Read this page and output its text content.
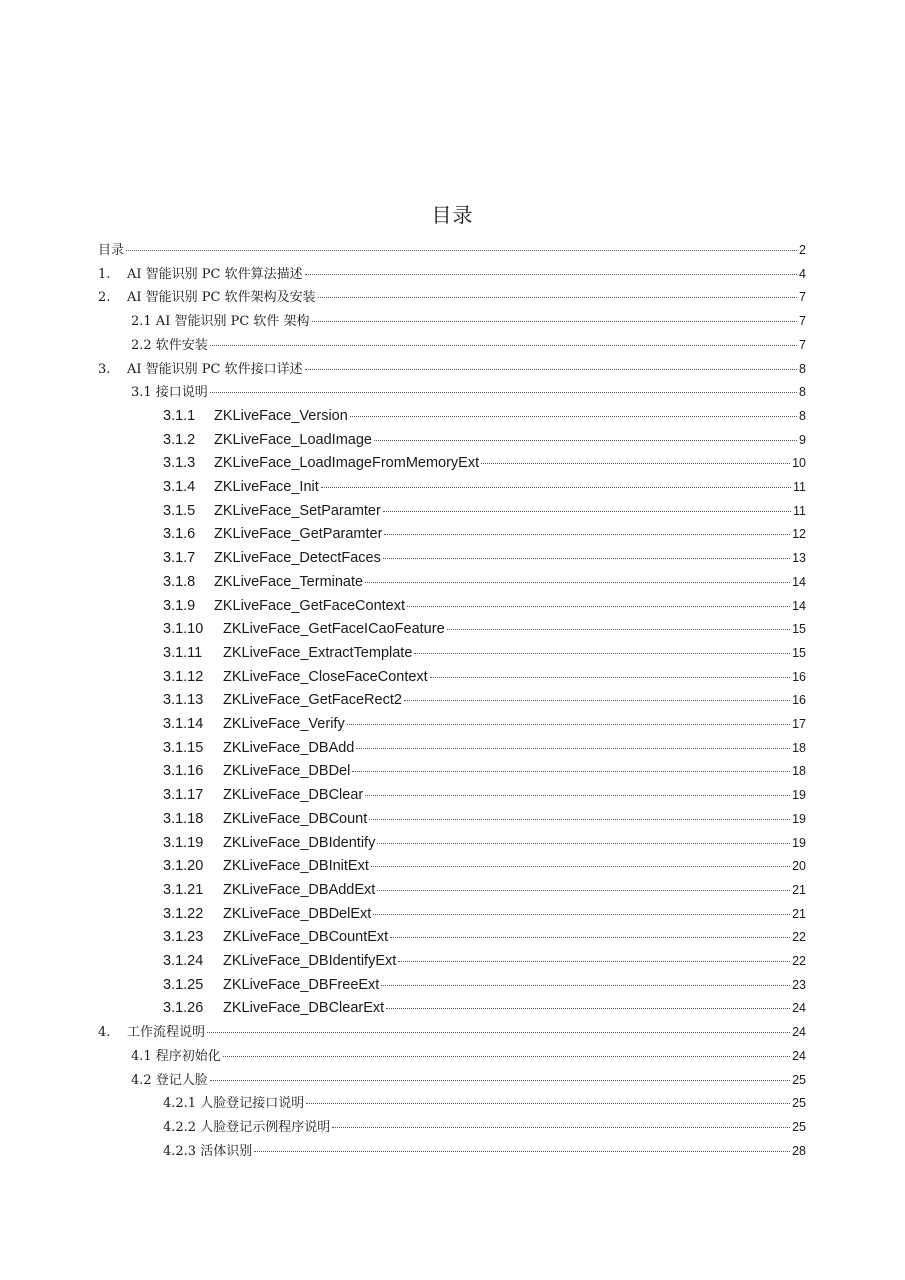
目录
目录	2
1.	AI 智能识别 PC 软件算法描述	4
2.	AI 智能识别 PC 软件架构及安装	7
2.1 AI 智能识别 PC 软件 架构	7
2.2 软件安装	7
3.	AI 智能识别 PC 软件接口详述	8
3.1 接口说明	8
3.1.1	ZKLiveFace_Version	8
3.1.2	ZKLiveFace_LoadImage	9
3.1.3	ZKLiveFace_LoadImageFromMemoryExt	10
3.1.4	ZKLiveFace_Init	11
3.1.5	ZKLiveFace_SetParamter	11
3.1.6	ZKLiveFace_GetParamter	12
3.1.7	ZKLiveFace_DetectFaces	13
3.1.8	ZKLiveFace_Terminate	14
3.1.9	ZKLiveFace_GetFaceContext	14
3.1.10	ZKLiveFace_GetFaceICaoFeature	15
3.1.11	ZKLiveFace_ExtractTemplate	15
3.1.12	ZKLiveFace_CloseFaceContext	16
3.1.13	ZKLiveFace_GetFaceRect2	16
3.1.14	ZKLiveFace_Verify	17
3.1.15	ZKLiveFace_DBAdd	18
3.1.16	ZKLiveFace_DBDel	18
3.1.17	ZKLiveFace_DBClear	19
3.1.18	ZKLiveFace_DBCount	19
3.1.19	ZKLiveFace_DBIdentify	19
3.1.20	ZKLiveFace_DBInitExt	20
3.1.21	ZKLiveFace_DBAddExt	21
3.1.22	ZKLiveFace_DBDelExt	21
3.1.23	ZKLiveFace_DBCountExt	22
3.1.24	ZKLiveFace_DBIdentifyExt	22
3.1.25	ZKLiveFace_DBFreeExt	23
3.1.26	ZKLiveFace_DBClearExt	24
4.	工作流程说明	24
4.1 程序初始化	24
4.2 登记人脸	25
4.2.1 人脸登记接口说明	25
4.2.2 人脸登记示例程序说明	25
4.2.3 活体识别	28
